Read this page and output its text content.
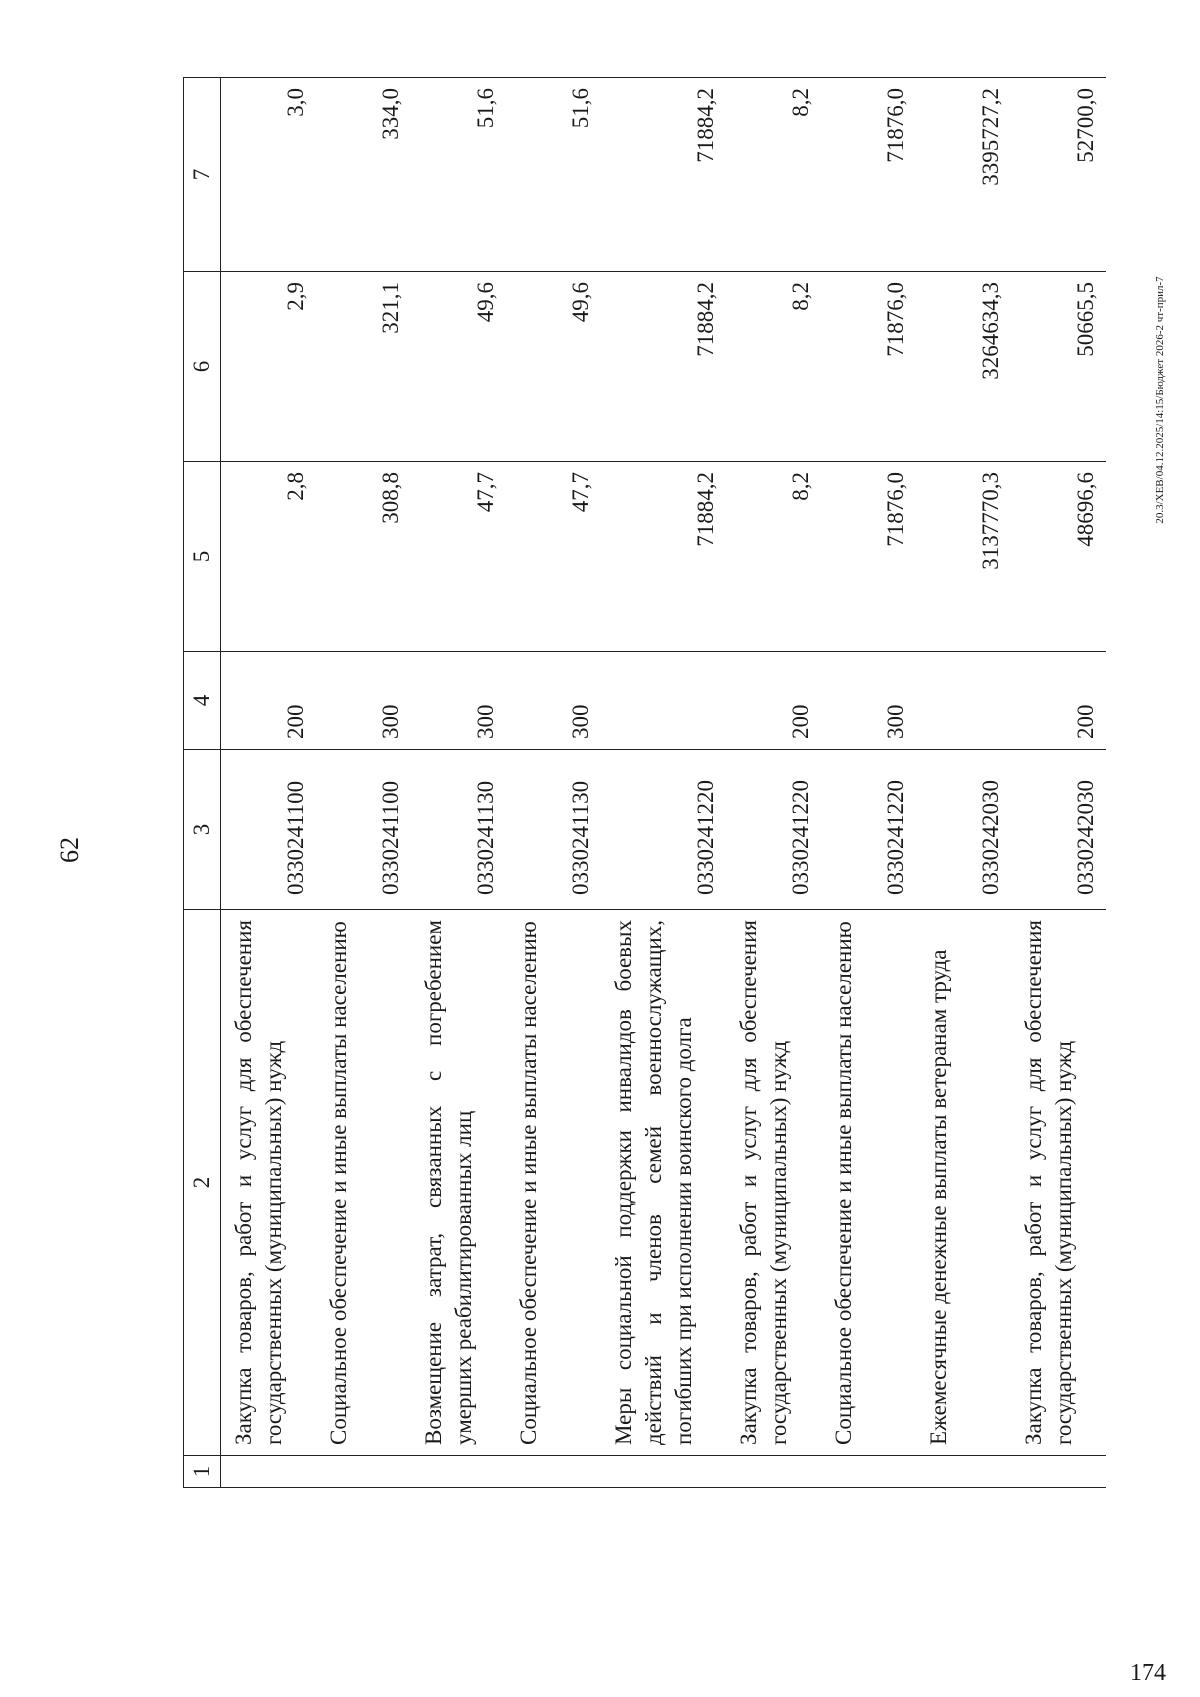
62
20.3/ХЕВ/04.12.2025/14:15/Бюджет 2026-2 чт-прил-7
174
1	2	3	4	5	6	7
	Закупка товаров, работ и услуг для обеспечения государственных (муниципальных) нужд	0330241100	200	2,8	2,9	3,0
	Социальное обеспечение и иные выплаты населению	0330241100	300	308,8	321,1	334,0
	Возмещение затрат, связанных с погребением умерших реабилитированных лиц	0330241130	300	47,7	49,6	51,6
	Социальное обеспечение и иные выплаты населению	0330241130	300	47,7	49,6	51,6
	Меры социальной поддержки инвалидов боевых действий и членов семей военнослужащих, погибших при исполнении воинского долга	0330241220		71884,2	71884,2	71884,2
	Закупка товаров, работ и услуг для обеспечения государственных (муниципальных) нужд	0330241220	200	8,2	8,2	8,2
	Социальное обеспечение и иные выплаты населению	0330241220	300	71876,0	71876,0	71876,0
	Ежемесячные денежные выплаты ветеранам труда	0330242030		3137770,3	3264634,3	3395727,2
	Закупка товаров, работ и услуг для обеспечения государственных (муниципальных) нужд	0330242030	200	48696,6	50665,5	52700,0
